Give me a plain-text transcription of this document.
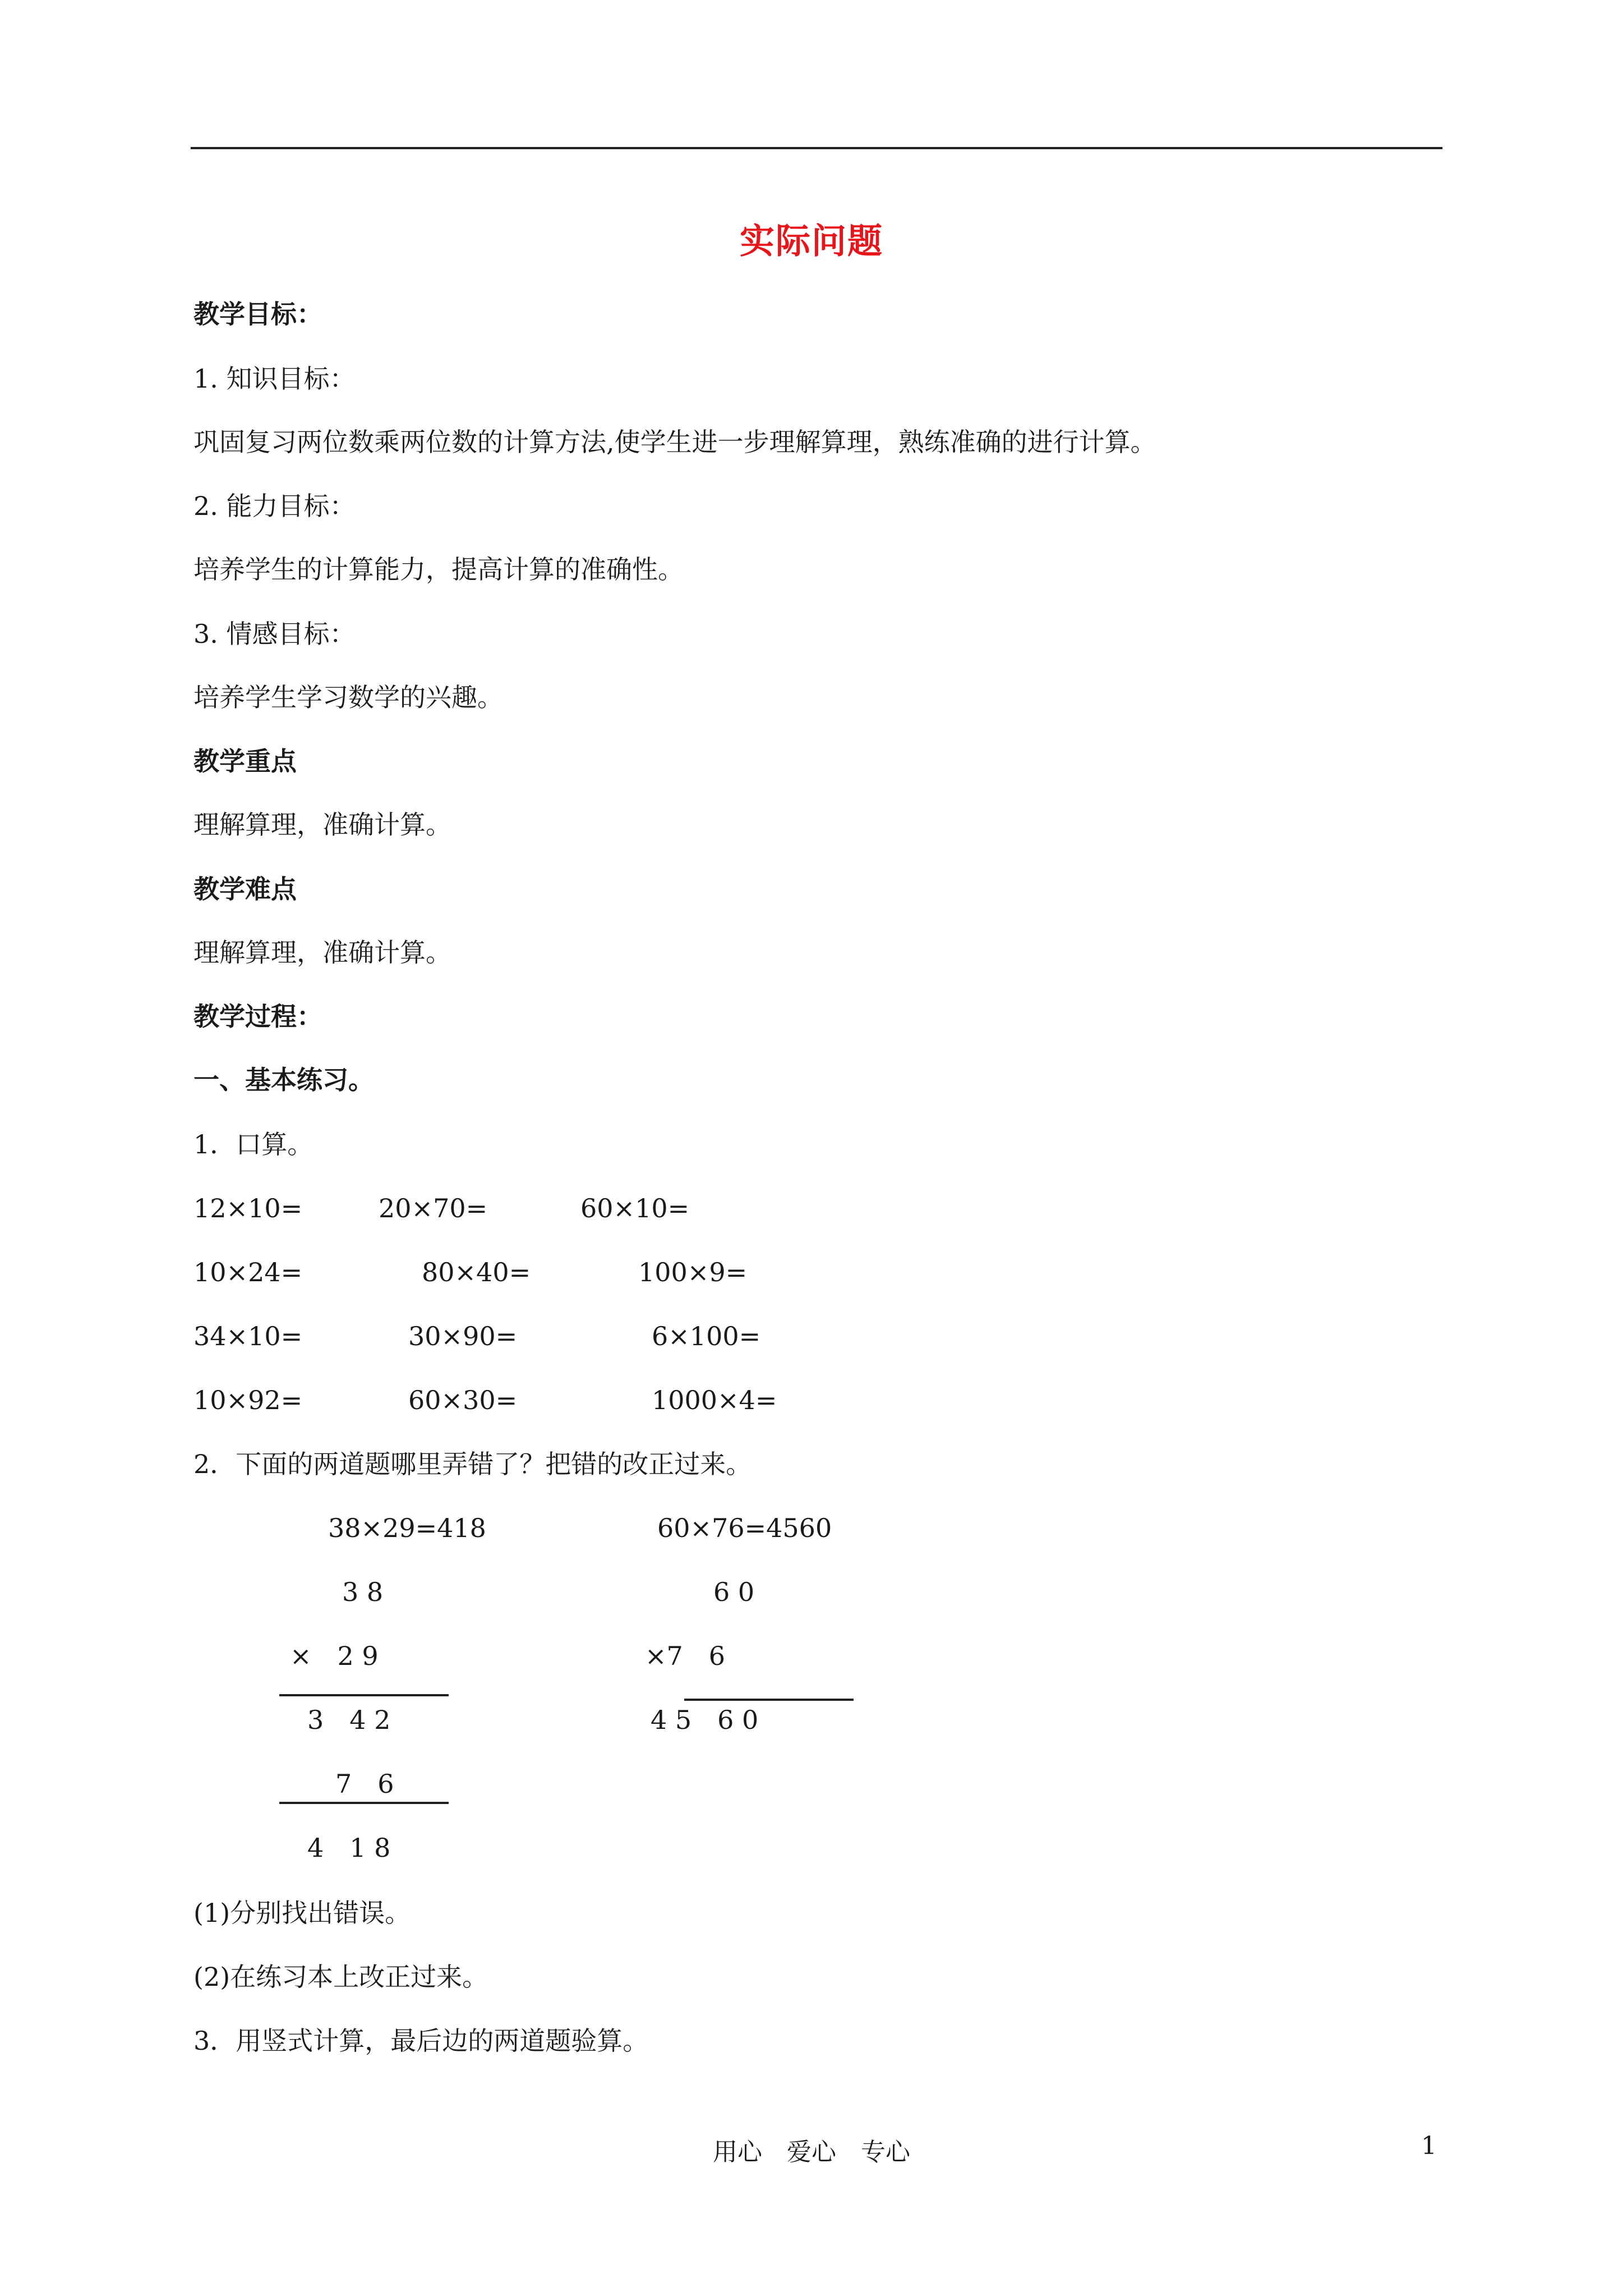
实际问题
教学目标：
1. 知识目标：
巩固复习两位数乘两位数的计算方法,使学生进一步理解算理，熟练准确的进行计算。
2. 能力目标：
培养学生的计算能力，提高计算的准确性。
3. 情感目标：
培养学生学习数学的兴趣。
教学重点
理解算理，准确计算。
教学难点
理解算理，准确计算。
教学过程：
一、基本练习。
1．口算。
12×10=	20×70=	60×10=
10×24=	80×40=	100×9=
34×10=	30×90=	6×100=
10×92=	60×30=	1000×4=
2．下面的两道题哪里弄错了？把错的改正过来。
38×29=418
3 8
×　2 9
3　4 2
7　6
4　1 8
60×76=4560
6 0
×7　6
4 5　6 0
(1)分别找出错误。
(2)在练习本上改正过来。
3．用竖式计算，最后边的两道题验算。
用心　爱心　专心	1
